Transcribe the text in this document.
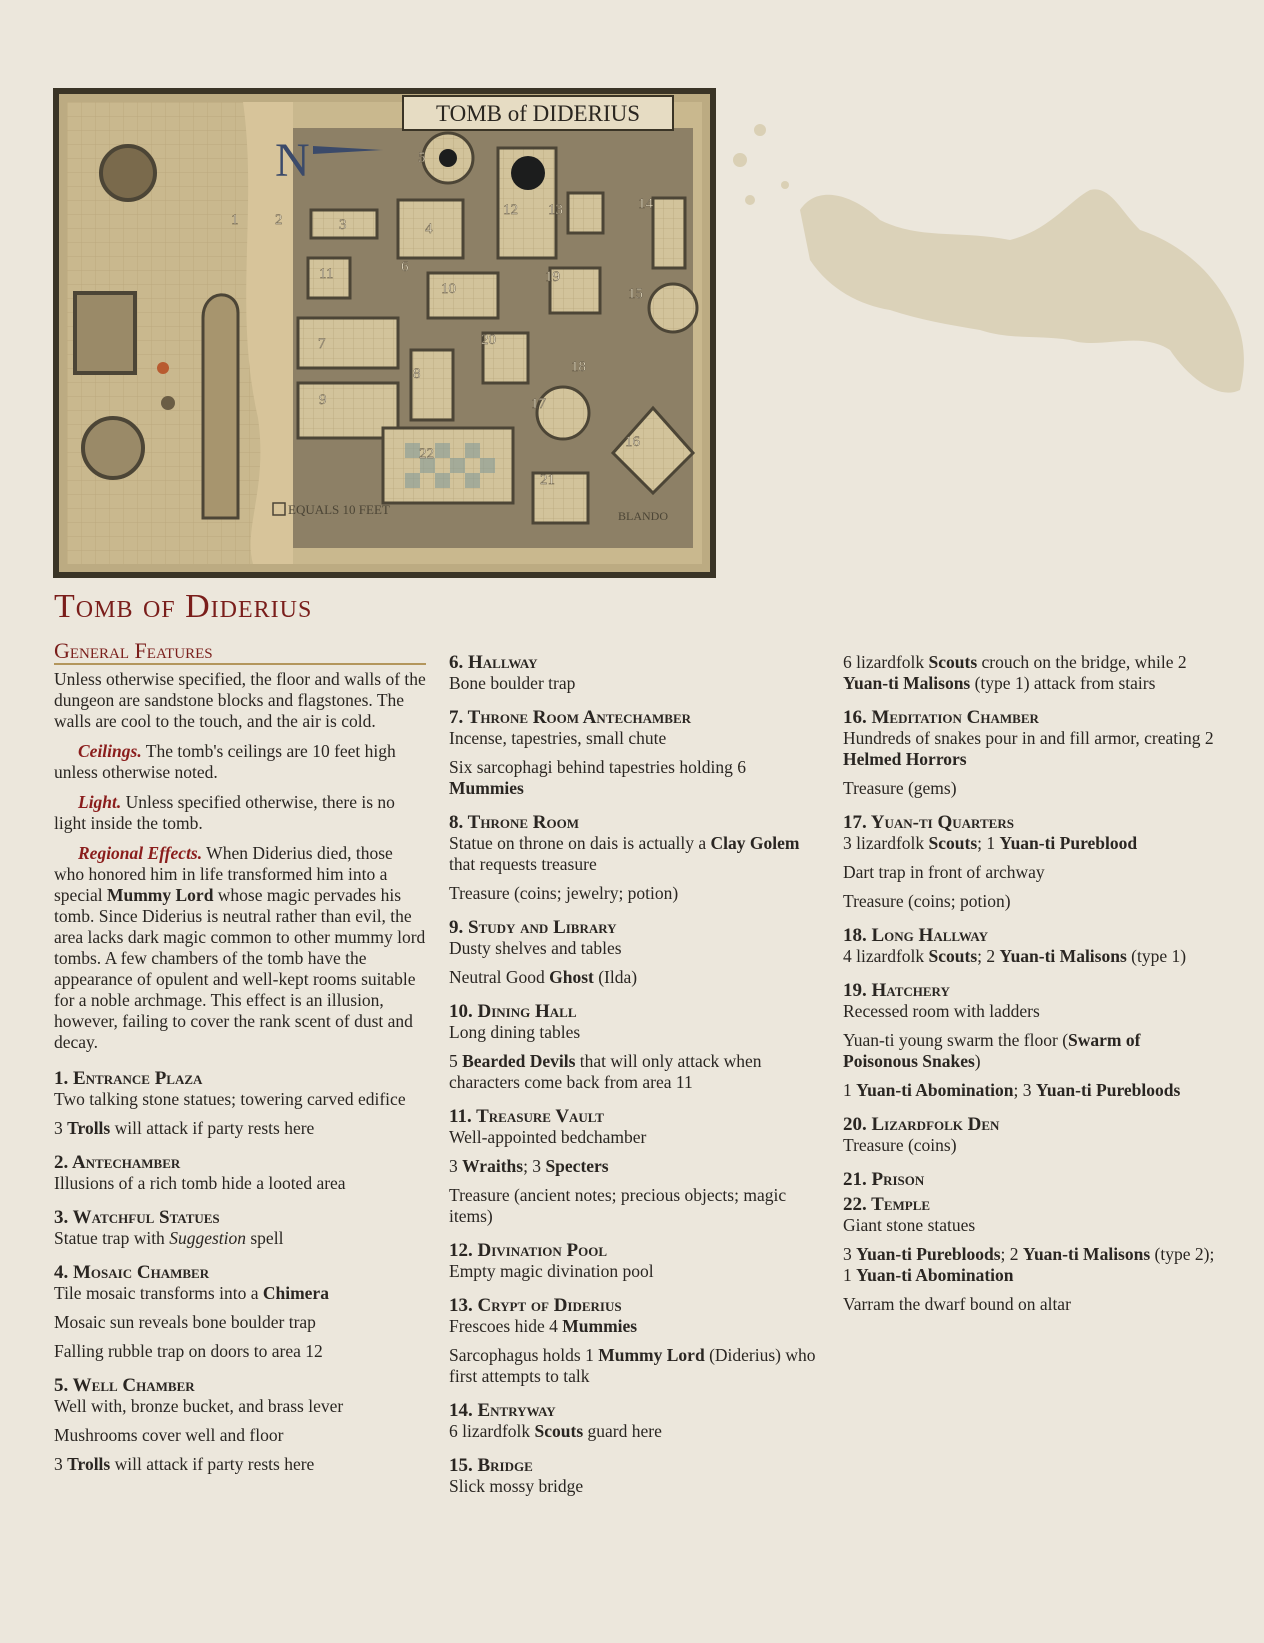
TOMB of DIDERIUS
N
1 2	3	4
5
6
7
8
9
10
11
12 13	14
15
16
17
18
19
20
21
22
EQUALS 10 FEET	BLANDO
Tomb of Diderius
General Features

Unless otherwise specified, the floor and walls of the dungeon are sandstone blocks and flagstones. The walls are cool to the touch, and the air is cold.

Ceilings. The tomb's ceilings are 10 feet high unless otherwise noted.

Light. Unless specified otherwise, there is no light inside the tomb.

Regional Effects. When Diderius died, those who honored him in life transformed him into a special Mummy Lord whose magic pervades his tomb. Since Diderius is neutral rather than evil, the area lacks dark magic common to other mummy lord tombs. A few chambers of the tomb have the appearance of opulent and well-kept rooms suitable for a noble archmage. This effect is an illusion, however, failing to cover the rank scent of dust and decay.

1. Entrance Plaza

Two talking stone statues; towering carved edifice

3 Trolls will attack if party rests here

2. Antechamber

Illusions of a rich tomb hide a looted area

3. Watchful Statues

Statue trap with Suggestion spell

4. Mosaic Chamber

Tile mosaic transforms into a Chimera

Mosaic sun reveals bone boulder trap

Falling rubble trap on doors to area 12

5. Well Chamber

Well with, bronze bucket, and brass lever

Mushrooms cover well and floor

3 Trolls will attack if party rests here

6. Hallway

Bone boulder trap

7. Throne Room Antechamber

Incense, tapestries, small chute

Six sarcophagi behind tapestries holding 6 Mummies

8. Throne Room

Statue on throne on dais is actually a Clay Golem that requests treasure

Treasure (coins; jewelry; potion)

9. Study and Library

Dusty shelves and tables

Neutral Good Ghost (Ilda)

10. Dining Hall

Long dining tables

5 Bearded Devils that will only attack when characters come back from area 11

11. Treasure Vault

Well-appointed bedchamber

3 Wraiths; 3 Specters

Treasure (ancient notes; precious objects; magic items)

12. Divination Pool

Empty magic divination pool

13. Crypt of Diderius

Frescoes hide 4 Mummies

Sarcophagus holds 1 Mummy Lord (Diderius) who first attempts to talk

14. Entryway

6 lizardfolk Scouts guard here

15. Bridge

Slick mossy bridge

6 lizardfolk Scouts crouch on the bridge, while 2 Yuan-ti Malisons (type 1) attack from stairs

16. Meditation Chamber

Hundreds of snakes pour in and fill armor, creating 2 Helmed Horrors

Treasure (gems)

17. Yuan-ti Quarters

3 lizardfolk Scouts; 1 Yuan-ti Pureblood

Dart trap in front of archway

Treasure (coins; potion)

18. Long Hallway

4 lizardfolk Scouts; 2 Yuan-ti Malisons (type 1)

19. Hatchery

Recessed room with ladders

Yuan-ti young swarm the floor (Swarm of Poisonous Snakes)

1 Yuan-ti Abomination; 3 Yuan-ti Purebloods

20. Lizardfolk Den

Treasure (coins)

21. Prison
22. Temple

Giant stone statues

3 Yuan-ti Purebloods; 2 Yuan-ti Malisons (type 2); 1 Yuan-ti Abomination

Varram the dwarf bound on altar
